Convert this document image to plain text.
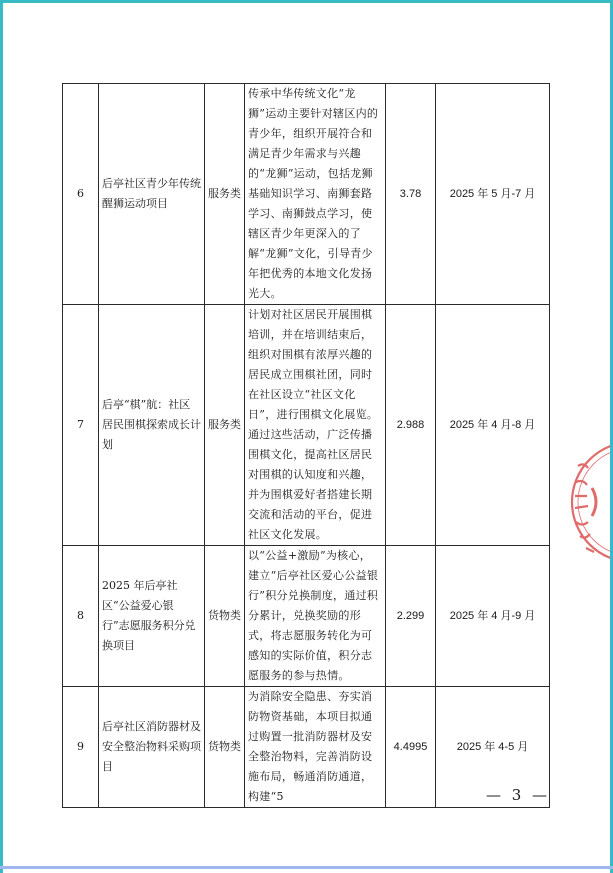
6	后亭社区青少年传统醒狮运动项目	服务类	传承中华传统文化“龙狮”运动主要针对辖区内的青少年，组织开展符合和满足青少年需求与兴趣的“龙狮”运动，包括龙狮基础知识学习、南狮套路学习、南狮鼓点学习，使辖区青少年更深入的了解“龙狮”文化，引导青少年把优秀的本地文化发扬光大。	3.78	2025 年 5 月-7 月
7	后亭“棋”航：社区居民围棋探索成长计划	服务类	计划对社区居民开展围棋培训，并在培训结束后，组织对围棋有浓厚兴趣的居民成立围棋社团，同时在社区设立“社区文化日”，进行围棋文化展览。通过这些活动，广泛传播围棋文化，提高社区居民对围棋的认知度和兴趣，并为围棋爱好者搭建长期交流和活动的平台，促进社区文化发展。	2.988	2025 年 4 月-8 月
8	2025 年后亭社区“公益爱心银行”志愿服务积分兑换项目	货物类	以“公益+激励”为核心，建立“后亭社区爱心公益银行”积分兑换制度，通过积分累计，兑换奖励的形式，将志愿服务转化为可感知的实际价值，积分志愿服务的参与热情。	2.299	2025 年 4 月-9 月
9	后亭社区消防器材及安全整治物料采购项目	货物类	为消除安全隐患、夯实消防物资基础，本项目拟通过购置一批消防器材及安全整治物料，完善消防设施布局，畅通消防通道，构建“5	4.4995	2025 年 4-5 月
— 3 —
